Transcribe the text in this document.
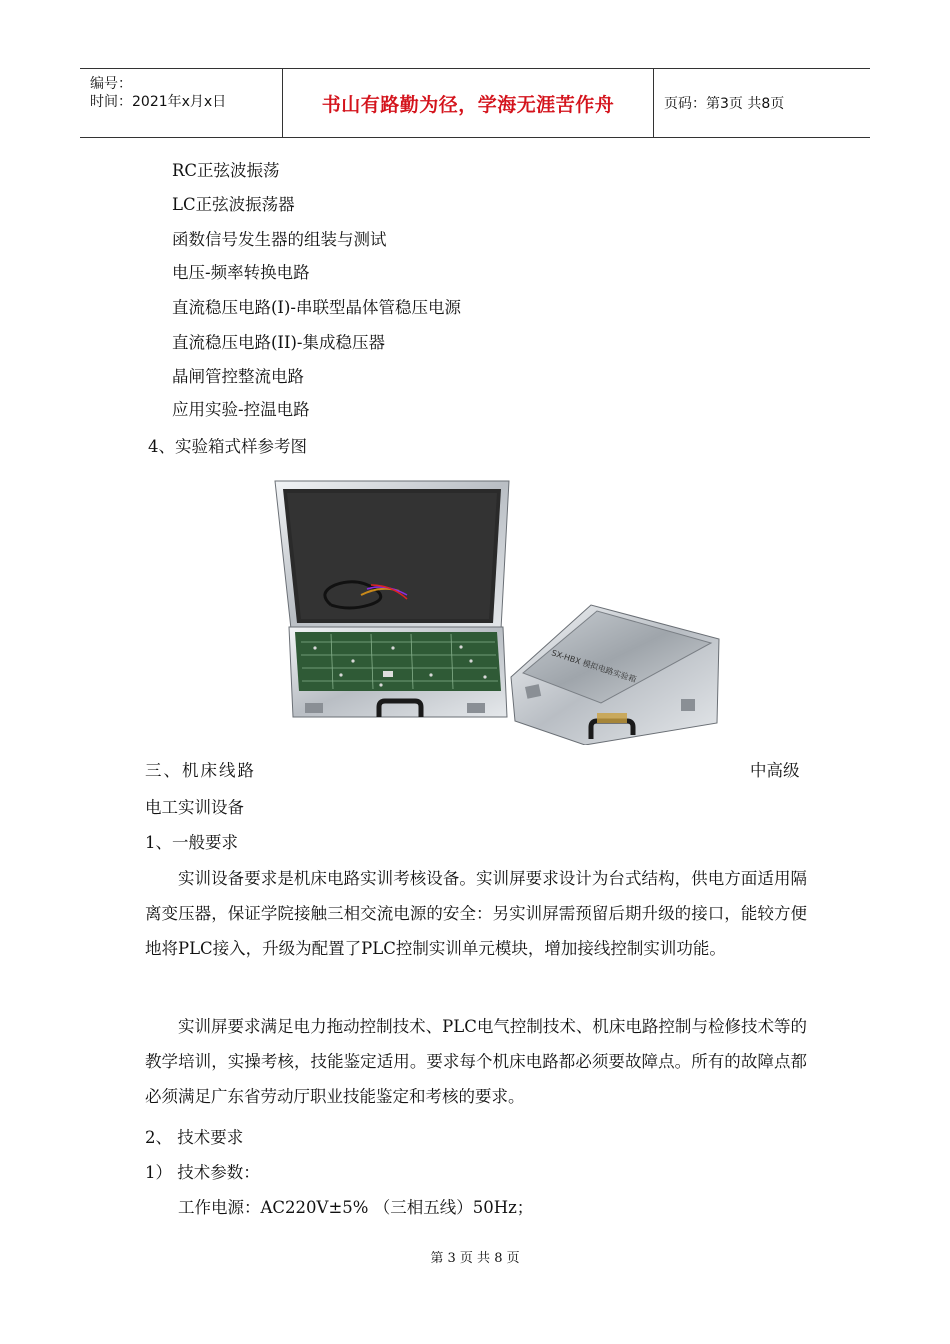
编号：
时间：2021年x月x日	书山有路勤为径，学海无涯苦作舟	页码：第3页 共8页
RC正弦波振荡
LC正弦波振荡器
函数信号发生器的组装与测试
电压-频率转换电路
直流稳压电路(I)-串联型晶体管稳压电源
直流稳压电路(II)-集成稳压器
晶闸管控整流电路
应用实验-控温电路
4、实验箱式样参考图
SX-HBX 模拟电路实验箱
三、机床线路	中高级
电工实训设备
1、一般要求

实训设备要求是机床电路实训考核设备。实训屏要求设计为台式结构，供电方面适用隔离变压器，保证学院接触三相交流电源的安全：另实训屏需预留后期升级的接口，能较方便地将PLC接入，升级为配置了PLC控制实训单元模块，增加接线控制实训功能。

实训屏要求满足电力拖动控制技术、PLC电气控制技术、机床电路控制与检修技术等的教学培训，实操考核，技能鉴定适用。要求每个机床电路都必须要故障点。所有的故障点都必须满足广东省劳动厅职业技能鉴定和考核的要求。

2、 技术要求
1） 技术参数：
工作电源：AC220V±5% （三相五线）50Hz；
第 3 页 共 8 页
